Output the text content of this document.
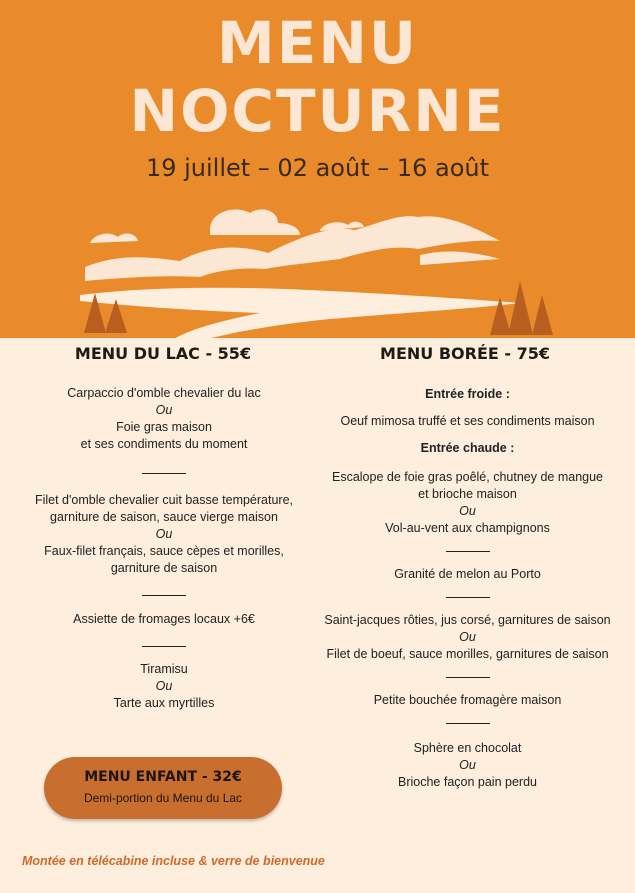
MENU
NOCTURNE
19 juillet – 02 août – 16 août
MENU DU LAC - 55€	MENU BORÉE - 75€
Carpaccio d'omble chevalier du lac
Ou
Foie gras maison
et ses condiments du moment
Filet d'omble chevalier cuit basse température,
garniture de saison, sauce vierge maison
Ou
Faux-filet français, sauce cèpes et morilles,
garniture de saison
Assiette de fromages locaux +6€
Tiramisu
Ou
Tarte aux myrtilles
Entrée froide :
Oeuf mimosa truffé et ses condiments maison
Entrée chaude :
Escalope de foie gras poêlé, chutney de mangue
et brioche maison
Ou
Vol-au-vent aux champignons
Granité de melon au Porto
Saint-jacques rôties, jus corsé, garnitures de saison
Ou
Filet de boeuf, sauce morilles, garnitures de saison
Petite bouchée fromagère maison
Sphère en chocolat
Ou
Brioche façon pain perdu
MENU ENFANT - 32€
Demi-portion du Menu du Lac
Montée en télécabine incluse & verre de bienvenue
